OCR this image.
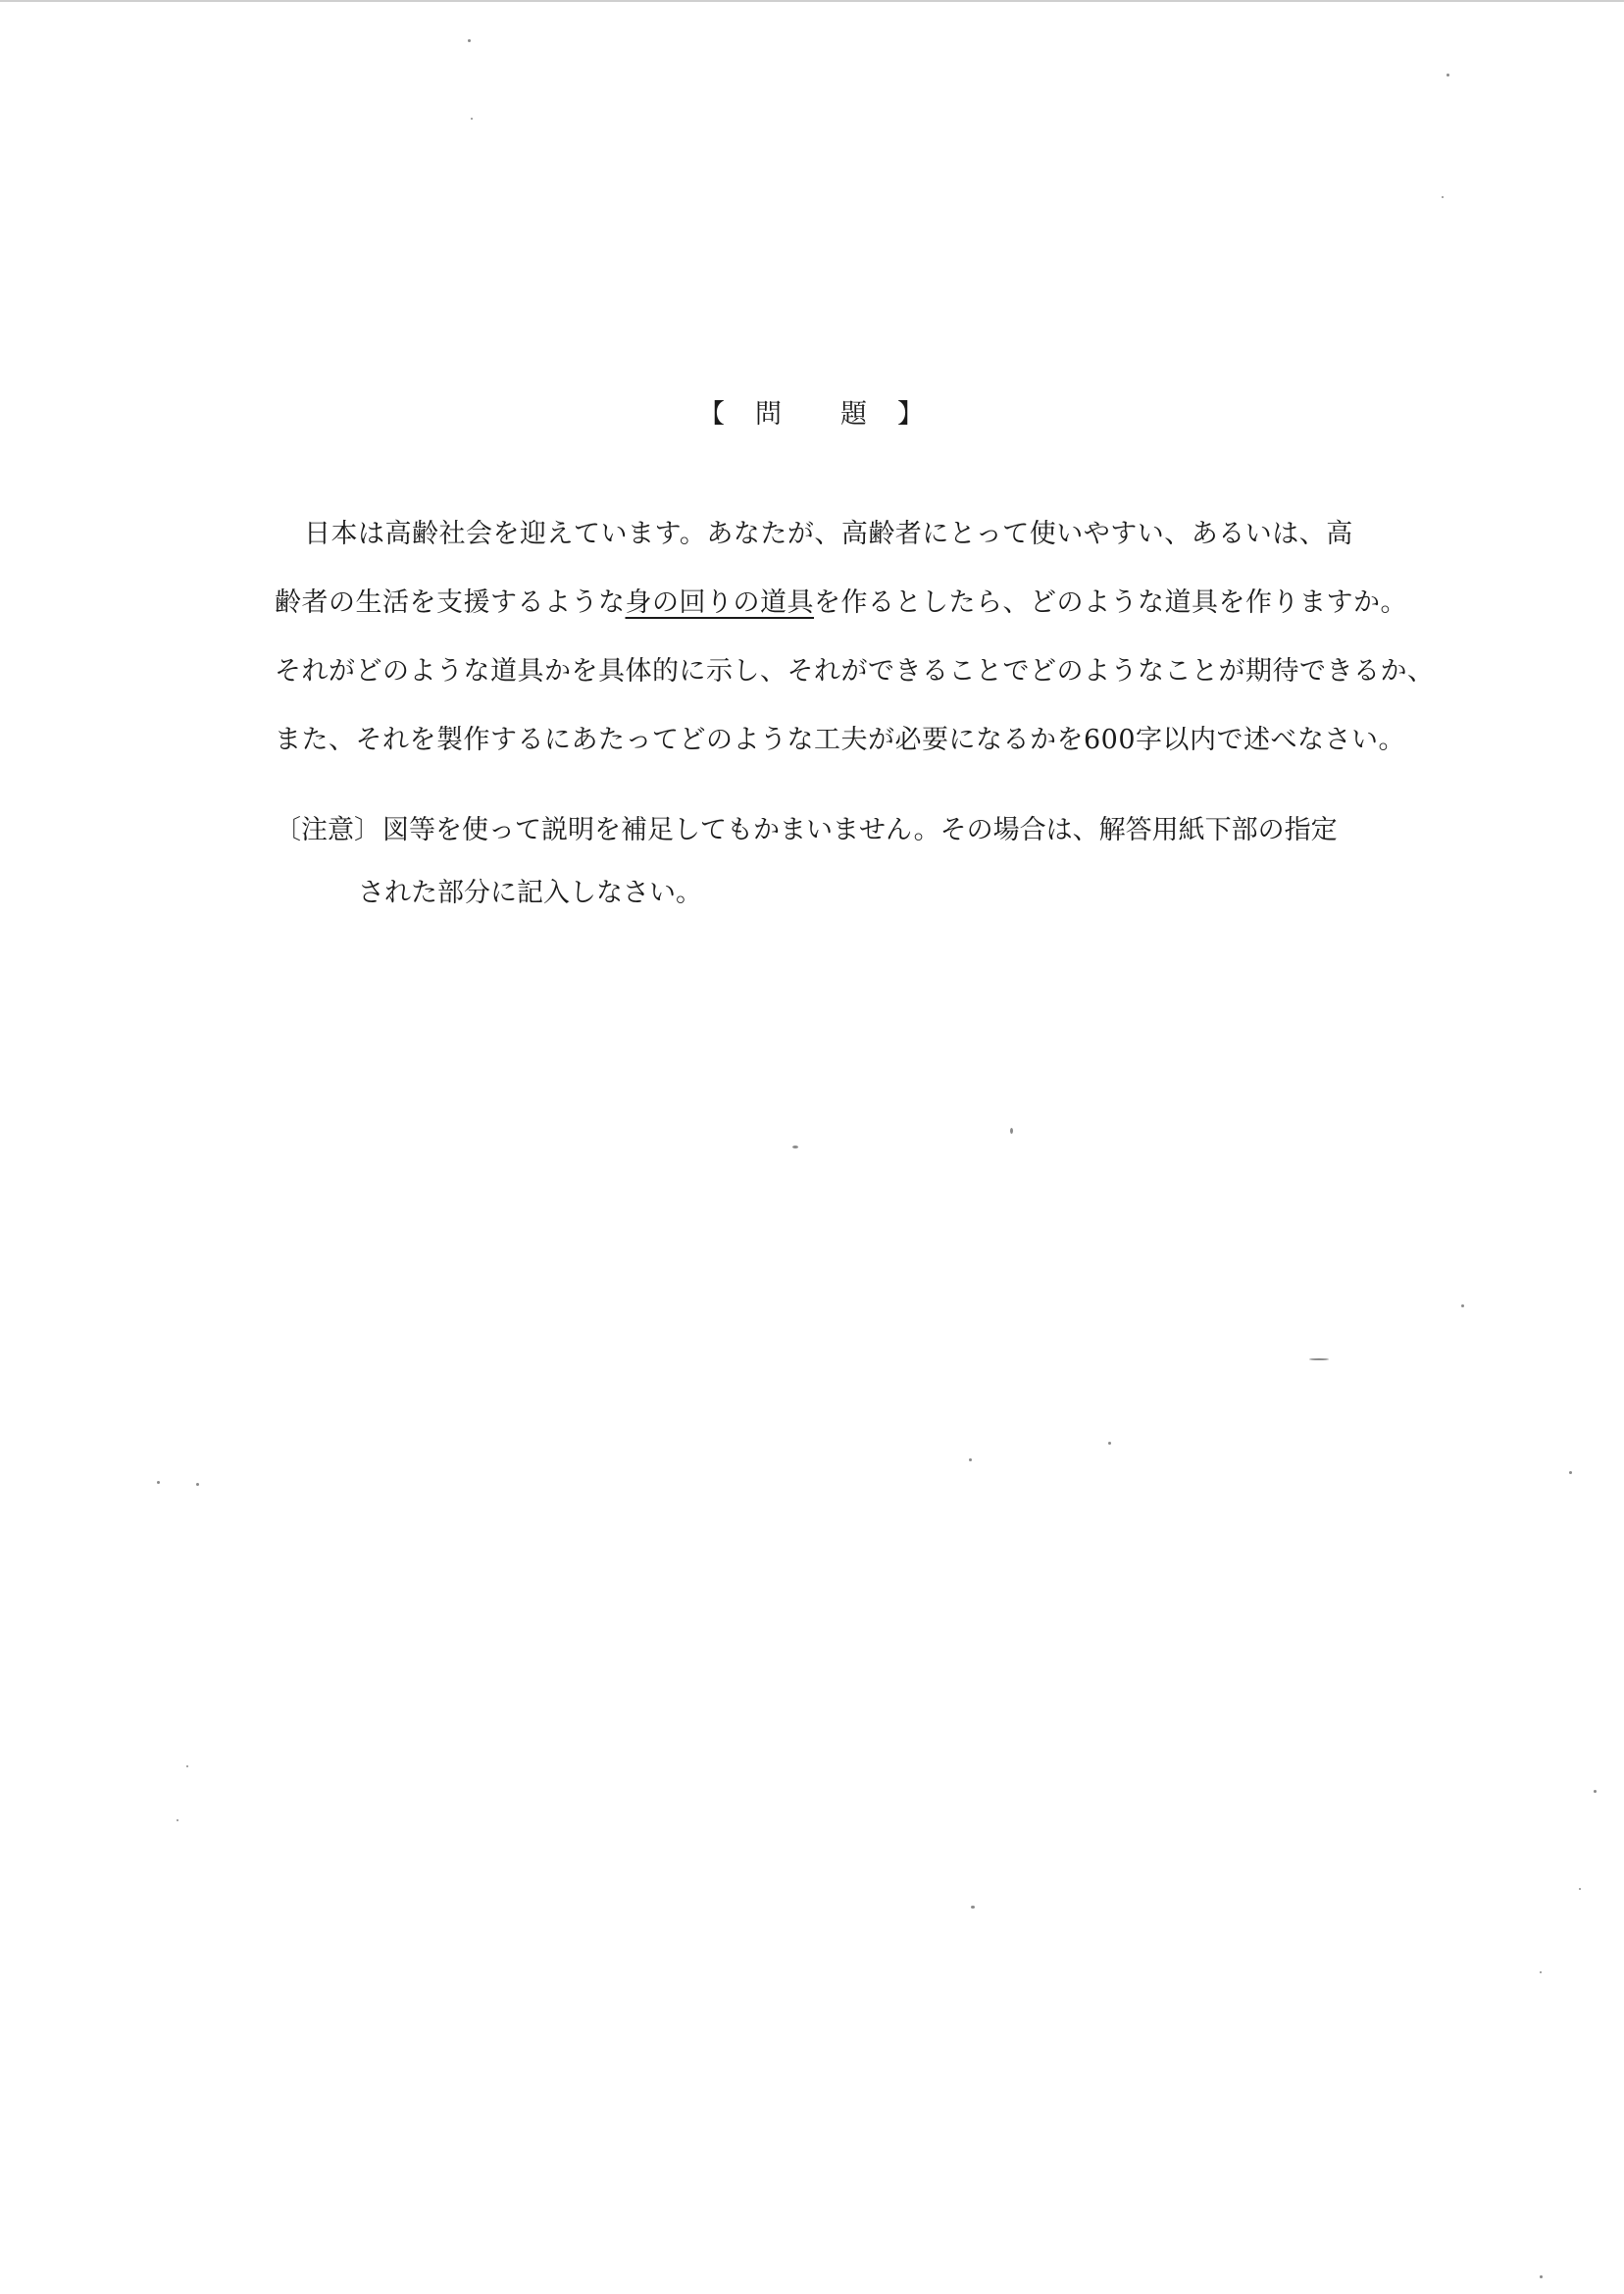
【　問　　題　】
日本は高齢社会を迎えています。あなたが、高齢者にとって使いやすい、あるいは、高
齢者の生活を支援するような身の回りの道具を作るとしたら、どのような道具を作りますか。
それがどのような道具かを具体的に示し、それができることでどのようなことが期待できるか、
また、それを製作するにあたってどのような工夫が必要になるかを600字以内で述べなさい。
〔注意〕図等を使って説明を補足してもかまいません。その場合は、解答用紙下部の指定
された部分に記入しなさい。
